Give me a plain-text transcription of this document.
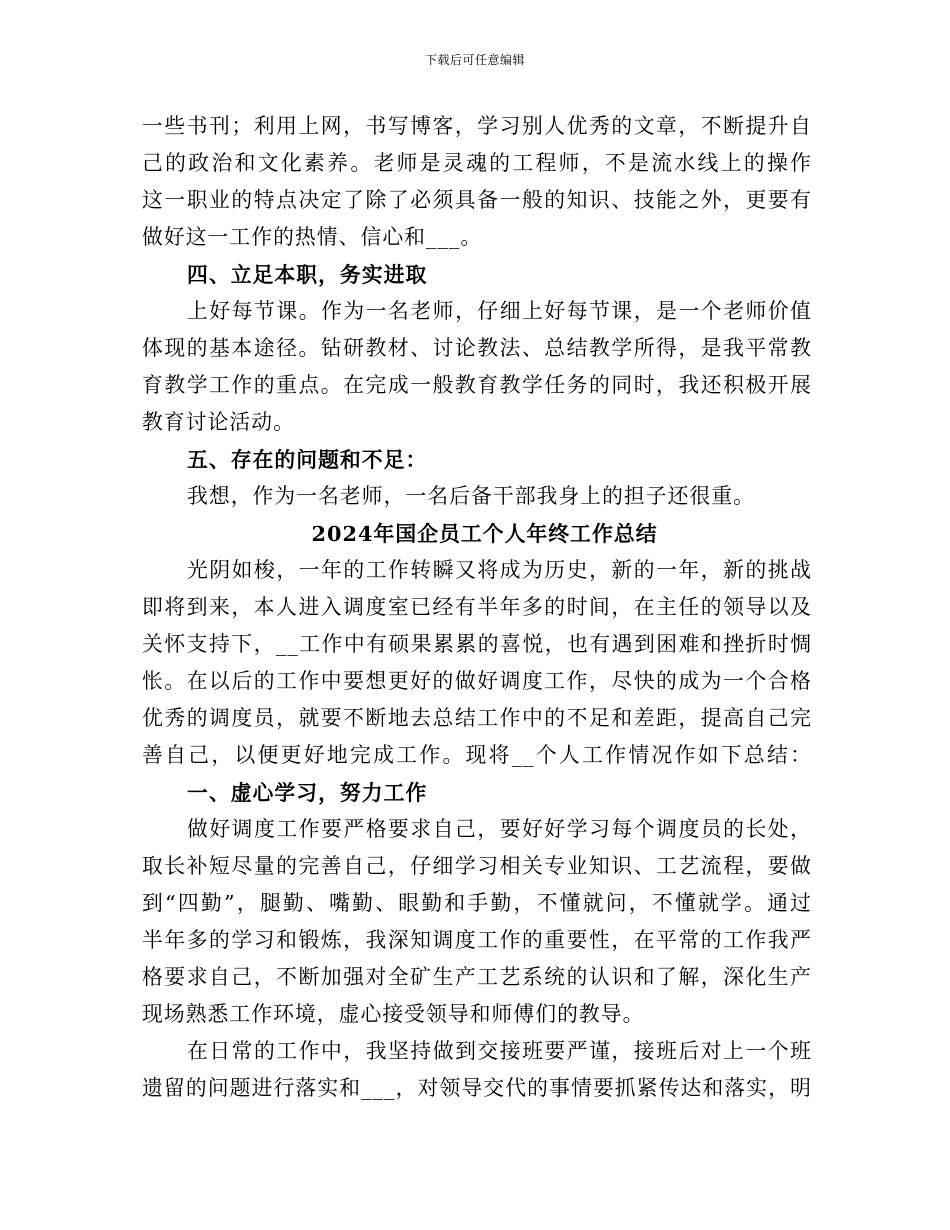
下载后可任意编辑
一些书刊；利用上网，书写博客，学习别人优秀的文章，不断提升自
己的政治和文化素养。老师是灵魂的工程师，不是流水线上的操作
这一职业的特点决定了除了必须具备一般的知识、技能之外，更要有
做好这一工作的热情、信心和___。
四、立足本职，务实进取
上好每节课。作为一名老师，仔细上好每节课，是一个老师价值
体现的基本途径。钻研教材、讨论教法、总结教学所得，是我平常教
育教学工作的重点。在完成一般教育教学任务的同时，我还积极开展
教育讨论活动。
五、存在的问题和不足：
我想，作为一名老师，一名后备干部我身上的担子还很重。
2024年国企员工个人年终工作总结
光阴如梭，一年的工作转瞬又将成为历史，新的一年，新的挑战
即将到来，本人进入调度室已经有半年多的时间，在主任的领导以及
关怀支持下，__工作中有硕果累累的喜悦，也有遇到困难和挫折时惆
怅。在以后的工作中要想更好的做好调度工作，尽快的成为一个合格
优秀的调度员，就要不断地去总结工作中的不足和差距，提高自己完
善自己，以便更好地完成工作。现将__个人工作情况作如下总结：
一、虚心学习，努力工作
做好调度工作要严格要求自己，要好好学习每个调度员的长处，
取长补短尽量的完善自己，仔细学习相关专业知识、工艺流程，要做
到“四勤”，腿勤、嘴勤、眼勤和手勤，不懂就问，不懂就学。通过
半年多的学习和锻炼，我深知调度工作的重要性，在平常的工作我严
格要求自己，不断加强对全矿生产工艺系统的认识和了解，深化生产
现场熟悉工作环境，虚心接受领导和师傅们的教导。
在日常的工作中，我坚持做到交接班要严谨，接班后对上一个班
遗留的问题进行落实和___，对领导交代的事情要抓紧传达和落实，明
